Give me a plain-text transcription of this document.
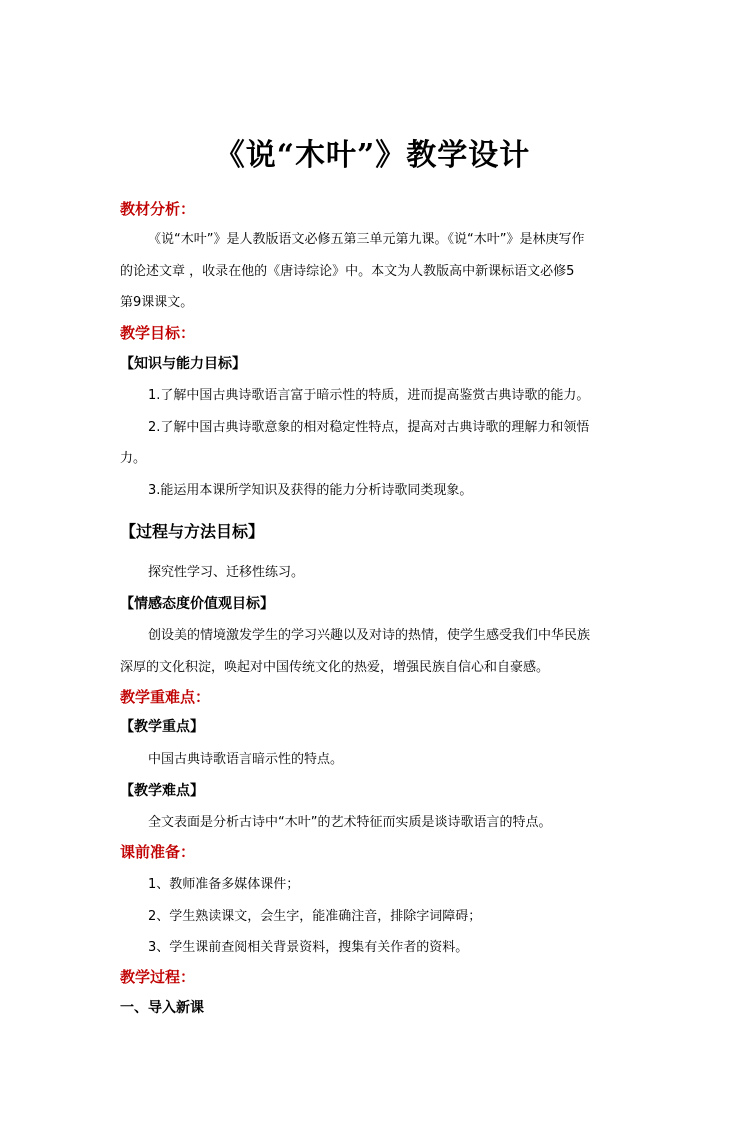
《说“木叶”》教学设计
教材分析：
《说“木叶”》是人教版语文必修五第三单元第九课。《说“木叶”》是林庚写作
的论述文章 ，收录在他的《唐诗综论》中。本文为人教版高中新课标语文必修5
第9课课文。
教学目标：
【知识与能力目标】
1.了解中国古典诗歌语言富于暗示性的特质，进而提高鉴赏古典诗歌的能力。
2.了解中国古典诗歌意象的相对稳定性特点，提高对古典诗歌的理解力和领悟
力。
3.能运用本课所学知识及获得的能力分析诗歌同类现象。
【过程与方法目标】
探究性学习、迁移性练习。
【情感态度价值观目标】
创设美的情境激发学生的学习兴趣以及对诗的热情，使学生感受我们中华民族
深厚的文化积淀，唤起对中国传统文化的热爱，增强民族自信心和自豪感。
教学重难点：
【教学重点】
中国古典诗歌语言暗示性的特点。
【教学难点】
全文表面是分析古诗中“木叶”的艺术特征而实质是谈诗歌语言的特点。
课前准备：
1、教师准备多媒体课件；
2、学生熟读课文，会生字，能准确注音，排除字词障碍；
3、学生课前查阅相关背景资料，搜集有关作者的资料。
教学过程：
一、导入新课
